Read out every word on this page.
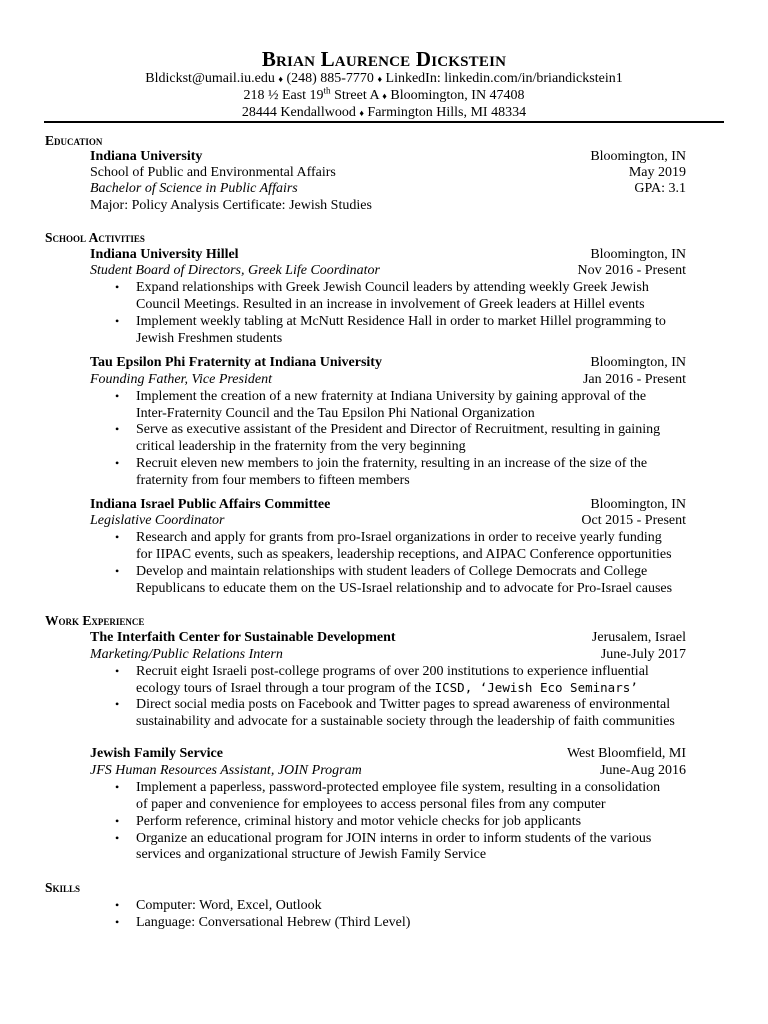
Brian Laurence Dickstein
Bldickst@umail.iu.edu ♦ (248) 885-7770 ♦ LinkedIn: linkedin.com/in/briandickstein1
218 ½ East 19th Street A ♦ Bloomington, IN 47408
28444 Kendallwood ♦ Farmington Hills, MI 48334
Education
Indiana University	Bloomington, IN
School of Public and Environmental Affairs	May 2019
Bachelor of Science in Public Affairs	GPA: 3.1
Major: Policy Analysis Certificate: Jewish Studies
School Activities
Indiana University Hillel	Bloomington, IN
Student Board of Directors, Greek Life Coordinator	Nov 2016 - Present
• Expand relationships with Greek Jewish Council leaders by attending weekly Greek Jewish
Council Meetings. Resulted in an increase in involvement of Greek leaders at Hillel events
• Implement weekly tabling at McNutt Residence Hall in order to market Hillel programming to
Jewish Freshmen students
Tau Epsilon Phi Fraternity at Indiana University	Bloomington, IN
Founding Father, Vice President	Jan 2016 - Present
• Implement the creation of a new fraternity at Indiana University by gaining approval of the
Inter-Fraternity Council and the Tau Epsilon Phi National Organization
• Serve as executive assistant of the President and Director of Recruitment, resulting in gaining
critical leadership in the fraternity from the very beginning
• Recruit eleven new members to join the fraternity, resulting in an increase of the size of the
fraternity from four members to fifteen members
Indiana Israel Public Affairs Committee	Bloomington, IN
Legislative Coordinator	Oct 2015 - Present
• Research and apply for grants from pro-Israel organizations in order to receive yearly funding
for IIPAC events, such as speakers, leadership receptions, and AIPAC Conference opportunities
• Develop and maintain relationships with student leaders of College Democrats and College
Republicans to educate them on the US-Israel relationship and to advocate for Pro-Israel causes
Work Experience
The Interfaith Center for Sustainable Development	Jerusalem, Israel
Marketing/Public Relations Intern	June-July 2017
• Recruit eight Israeli post-college programs of over 200 institutions to experience influential
ecology tours of Israel through a tour program of the ICSD, ‘Jewish Eco Seminars’
• Direct social media posts on Facebook and Twitter pages to spread awareness of environmental
sustainability and advocate for a sustainable society through the leadership of faith communities
Jewish Family Service	West Bloomfield, MI
JFS Human Resources Assistant, JOIN Program	June-Aug 2016
• Implement a paperless, password-protected employee file system, resulting in a consolidation
of paper and convenience for employees to access personal files from any computer
• Perform reference, criminal history and motor vehicle checks for job applicants
• Organize an educational program for JOIN interns in order to inform students of the various
services and organizational structure of Jewish Family Service
Skills
• Computer: Word, Excel, Outlook
• Language: Conversational Hebrew (Third Level)
